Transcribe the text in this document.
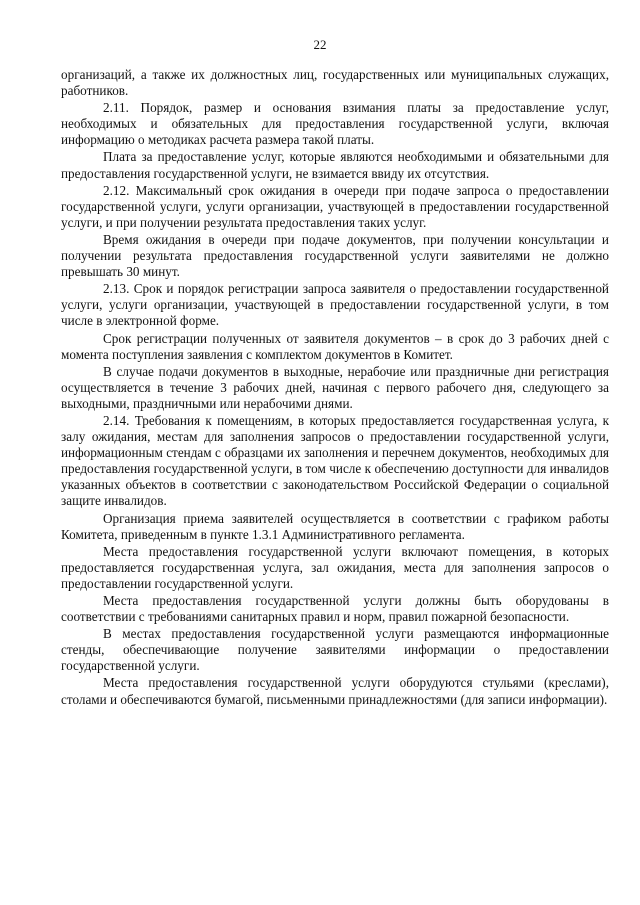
22

организаций, а также их должностных лиц, государственных или муниципальных служащих, работников.

2.11. Порядок, размер и основания взимания платы за предоставление услуг, необходимых и обязательных для предоставления государственной услуги, включая информацию о методиках расчета размера такой платы.

Плата за предоставление услуг, которые являются необходимыми и обязательными для предоставления государственной услуги, не взимается ввиду их отсутствия.

2.12. Максимальный срок ожидания в очереди при подаче запроса о предоставлении государственной услуги, услуги организации, участвующей в предоставлении государственной услуги, и при получении результата предоставления таких услуг.

Время ожидания в очереди при подаче документов, при получении консультации и получении результата предоставления государственной услуги заявителями не должно превышать 30 минут.

2.13. Срок и порядок регистрации запроса заявителя о предоставлении государственной услуги, услуги организации, участвующей в предоставлении государственной услуги, в том числе в электронной форме.

Срок регистрации полученных от заявителя документов – в срок до 3 рабочих дней с момента поступления заявления с комплектом документов в Комитет.

В случае подачи документов в выходные, нерабочие или праздничные дни регистрация осуществляется в течение 3 рабочих дней, начиная с первого рабочего дня, следующего за выходными, праздничными или нерабочими днями.

2.14. Требования к помещениям, в которых предоставляется государственная услуга, к залу ожидания, местам для заполнения запросов о предоставлении государственной услуги, информационным стендам с образцами их заполнения и перечнем документов, необходимых для предоставления государственной услуги, в том числе к обеспечению доступности для инвалидов указанных объектов в соответствии с законодательством Российской Федерации о социальной защите инвалидов.

Организация приема заявителей осуществляется в соответствии с графиком работы Комитета, приведенным в пункте 1.3.1 Административного регламента.

Места предоставления государственной услуги включают помещения, в которых предоставляется государственная услуга, зал ожидания, места для заполнения запросов о предоставлении государственной услуги.

Места предоставления государственной услуги должны быть оборудованы в соответствии с требованиями санитарных правил и норм, правил пожарной безопасности.

В местах предоставления государственной услуги размещаются информационные стенды, обеспечивающие получение заявителями информации о предоставлении государственной услуги.

Места предоставления государственной услуги оборудуются стульями (креслами), столами и обеспечиваются бумагой, письменными принадлежностями (для записи информации).
